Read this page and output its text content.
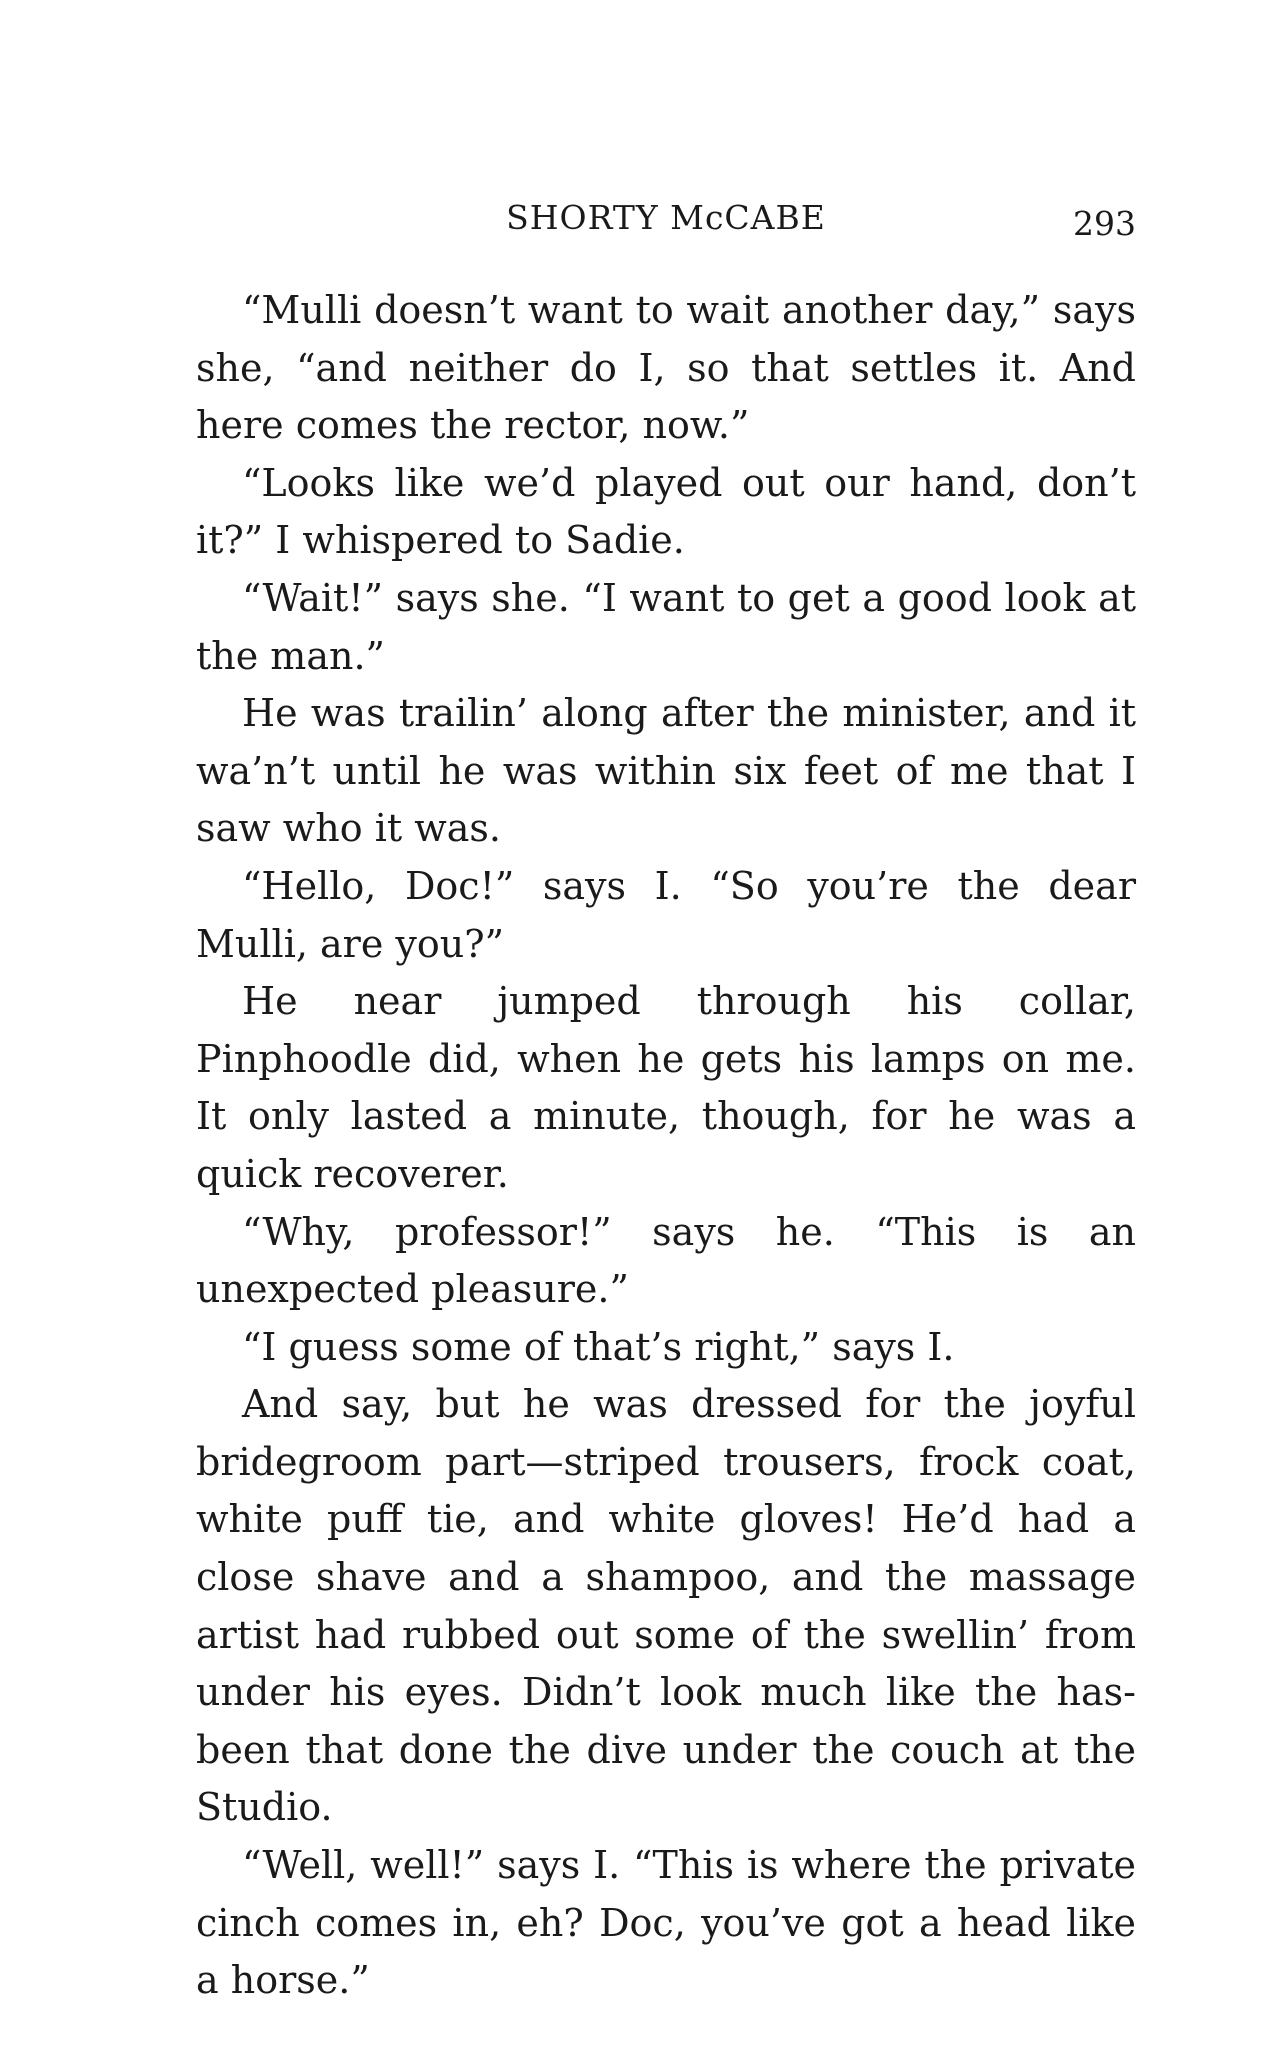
SHORTY McCABE	293

“Mulli doesn’t want to wait another day,” says she, “and neither do I, so that settles it. And here comes the rector, now.”

“Looks like we’d played out our hand, don’t it?” I whispered to Sadie.

“Wait!” says she. “I want to get a good look at the man.”

He was trailin’ along after the minister, and it wa’n’t until he was within six feet of me that I saw who it was.

“Hello, Doc!” says I. “So you’re the dear Mulli, are you?”

He near jumped through his collar, Pinphoodle did, when he gets his lamps on me. It only lasted a minute, though, for he was a quick recoverer.

“Why, professor!” says he. “This is an unexpected pleasure.”

“I guess some of that’s right,” says I.

And say, but he was dressed for the joyful bridegroom part—striped trousers, frock coat, white puff tie, and white gloves! He’d had a close shave and a shampoo, and the massage artist had rubbed out some of the swellin’ from under his eyes. Didn’t look much like the has-been that done the dive under the couch at the Studio.

“Well, well!” says I. “This is where the private cinch comes in, eh? Doc, you’ve got a head like a horse.”
